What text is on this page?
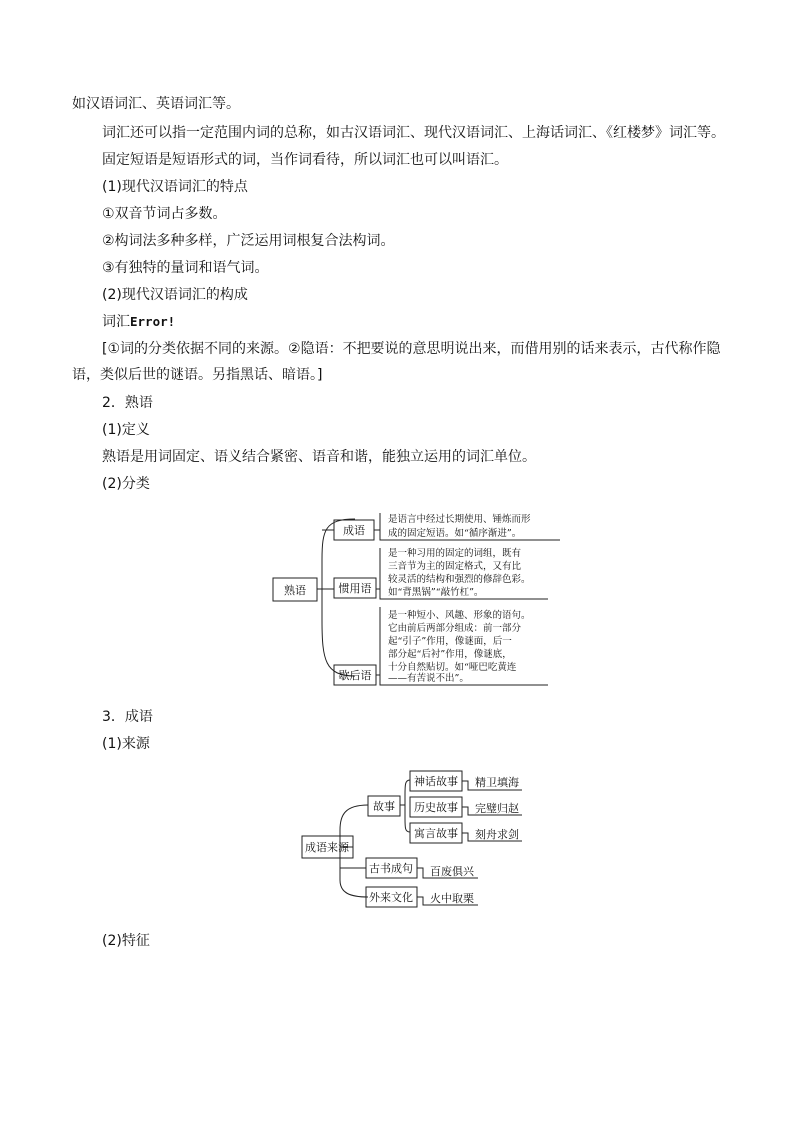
如汉语词汇、英语词汇等。
词汇还可以指一定范围内词的总称，如古汉语词汇、现代汉语词汇、上海话词汇、《红楼梦》词汇等。
固定短语是短语形式的词，当作词看待，所以词汇也可以叫语汇。
(1)现代汉语词汇的特点
①双音节词占多数。
②构词法多种多样，广泛运用词根复合法构词。
③有独特的量词和语气词。
(2)现代汉语词汇的构成
词汇Error!
[①词的分类依据不同的来源。②隐语：不把要说的意思明说出来，而借用别的话来表示，古代称作隐语，类似后世的谜语。另指黑话、暗语。]
2．熟语
(1)定义
熟语是用词固定、语义结合紧密、语音和谐，能独立运用的词汇单位。
(2)分类
熟语
成语
惯用语
歇后语
是语言中经过长期使用、锤炼而形
成的固定短语。如“循序渐进”。
是一种习用的固定的词组，既有
三音节为主的固定格式，又有比
较灵活的结构和强烈的修辞色彩。
如“背黑锅”“敲竹杠”。
是一种短小、风趣、形象的语句。
它由前后两部分组成：前一部分
起“引子”作用，像谜面，后一
部分起“后衬”作用，像谜底，
十分自然贴切。如“哑巴吃黄连
——有苦说不出”。
成语来源
故事
神话故事
历史故事
寓言故事
精卫填海
完璧归赵
刻舟求剑
古书成句
外来文化
百废俱兴
火中取栗
3．成语
(1)来源
(2)特征
